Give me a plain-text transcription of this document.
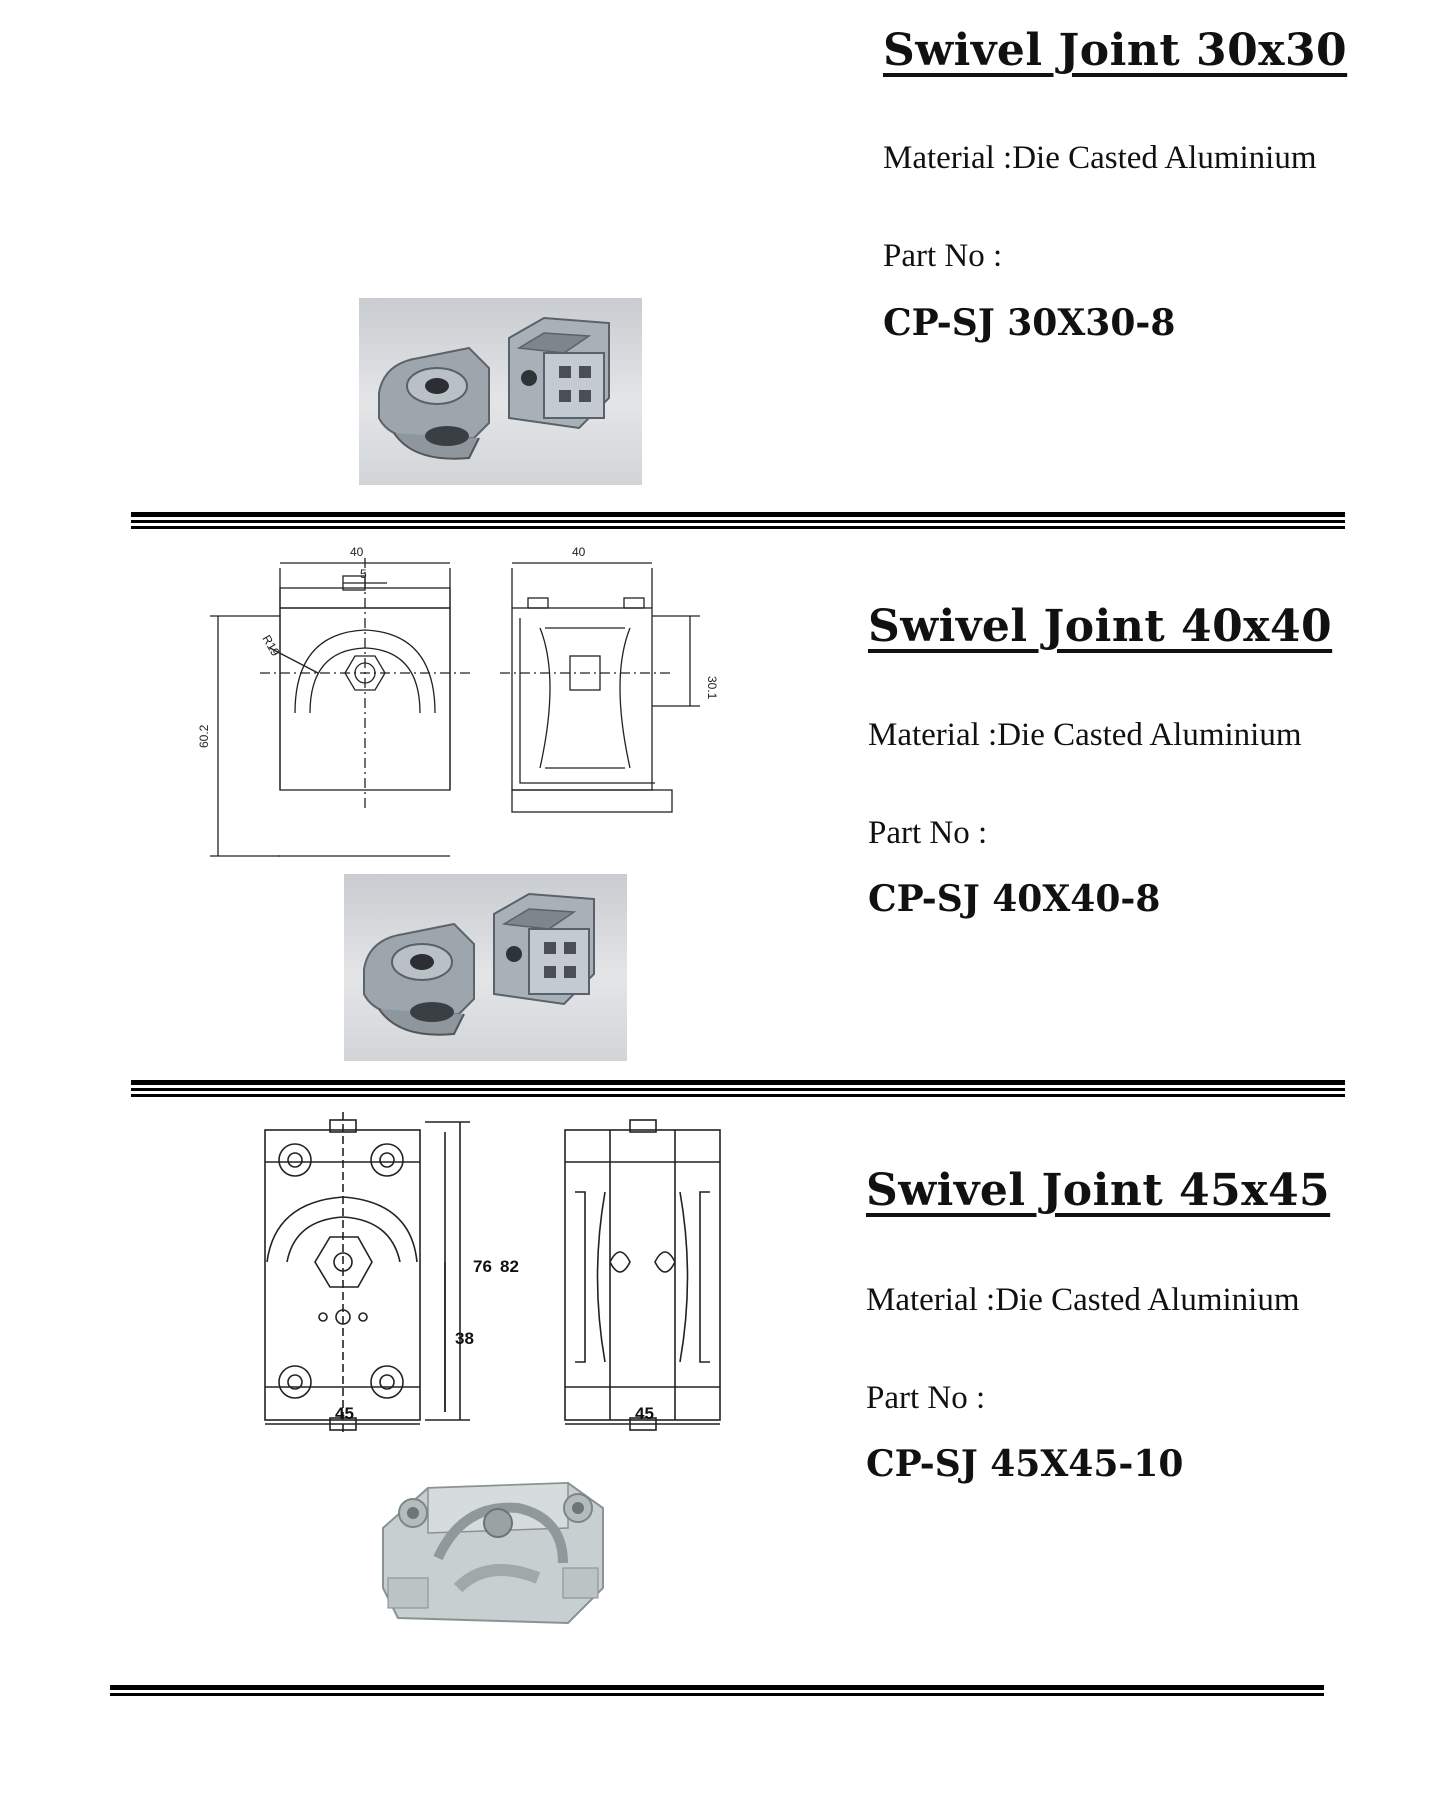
Swivel Joint 30x30
Material :Die Casted Aluminium
Part No :
CP-SJ 30X30-8
Swivel Joint 40x40
Material :Die Casted Aluminium
Part No :
CP-SJ 40X40-8
40
5
40
60.2
30.1
R19
Swivel Joint 45x45
Material :Die Casted Aluminium
Part No :
CP-SJ 45X45-10
76 82
38
45	45
